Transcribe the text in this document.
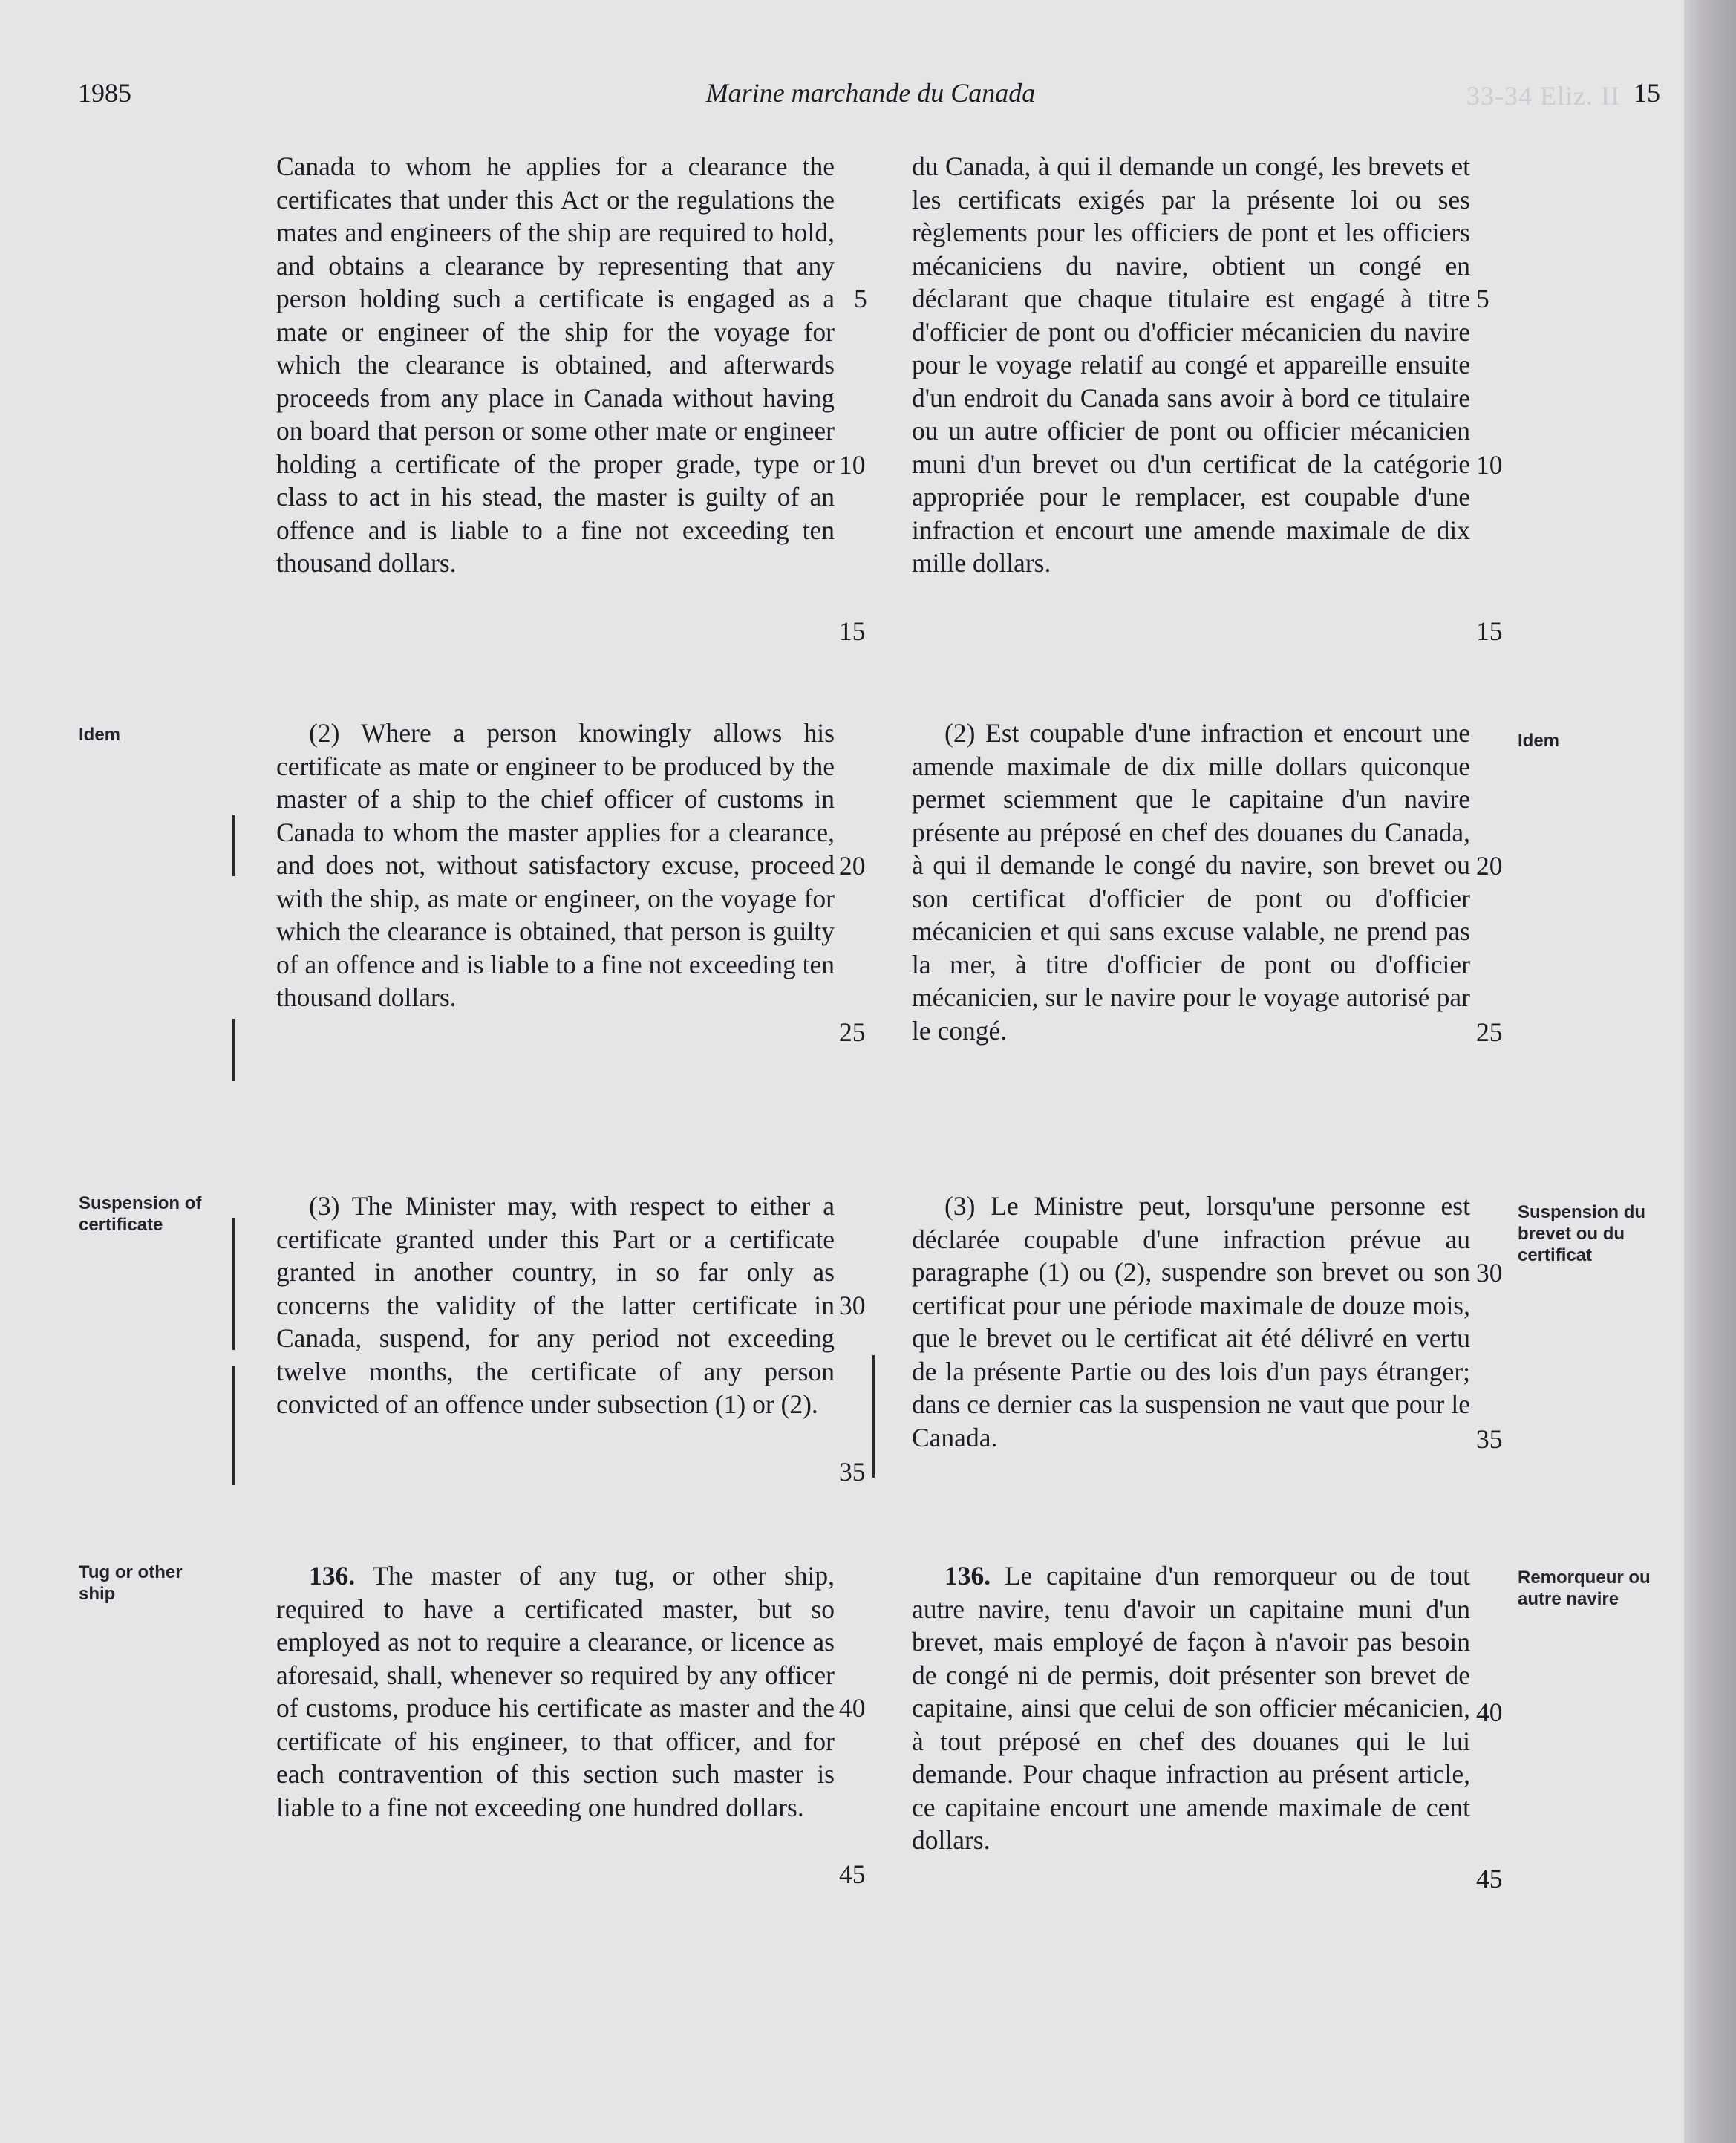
1985	Marine marchande du Canada	33-34 Eliz. II 15

Canada to whom he applies for a clearance the certificates that under this Act or the regulations the mates and engineers of the ship are required to hold, and obtains a clearance by representing that any person holding such a certificate is engaged as a mate or engineer of the ship for the voyage for which the clearance is obtained, and afterwards proceeds from any place in Canada without having on board that person or some other mate or engineer holding a certificate of the proper grade, type or class to act in his stead, the master is guilty of an offence and is liable to a fine not exceeding ten thousand dollars.

(2) Where a person knowingly allows his certificate as mate or engineer to be produced by the master of a ship to the chief officer of customs in Canada to whom the master applies for a clearance, and does not, without satisfactory excuse, proceed with the ship, as mate or engineer, on the voyage for which the clearance is obtained, that person is guilty of an offence and is liable to a fine not exceeding ten thousand dollars.

(3) The Minister may, with respect to either a certificate granted under this Part or a certificate granted in another country, in so far only as concerns the validity of the latter certificate in Canada, suspend, for any period not exceeding twelve months, the certificate of any person convicted of an offence under subsection (1) or (2).

136. The master of any tug, or other ship, required to have a certificated master, but so employed as not to require a clearance, or licence as aforesaid, shall, whenever so required by any officer of customs, produce his certificate as master and the certificate of his engineer, to that officer, and for each contravention of this section such master is liable to a fine not exceeding one hundred dollars.

du Canada, à qui il demande un congé, les brevets et les certificats exigés par la présente loi ou ses règlements pour les officiers de pont et les officiers mécaniciens du navire, obtient un congé en déclarant que chaque titulaire est engagé à titre d'officier de pont ou d'officier mécanicien du navire pour le voyage relatif au congé et appareille ensuite d'un endroit du Canada sans avoir à bord ce titulaire ou un autre officier de pont ou officier mécanicien muni d'un brevet ou d'un certificat de la catégorie appropriée pour le remplacer, est coupable d'une infraction et encourt une amende maximale de dix mille dollars.

(2) Est coupable d'une infraction et encourt une amende maximale de dix mille dollars quiconque permet sciemment que le capitaine d'un navire présente au préposé en chef des douanes du Canada, à qui il demande le congé du navire, son brevet ou son certificat d'officier de pont ou d'officier mécanicien et qui sans excuse valable, ne prend pas la mer, à titre d'officier de pont ou d'officier mécanicien, sur le navire pour le voyage autorisé par le congé.

(3) Le Ministre peut, lorsqu'une personne est déclarée coupable d'une infraction prévue au paragraphe (1) ou (2), suspendre son brevet ou son certificat pour une période maximale de douze mois, que le brevet ou le certificat ait été délivré en vertu de la présente Partie ou des lois d'un pays étranger; dans ce dernier cas la suspension ne vaut que pour le Canada.

136. Le capitaine d'un remorqueur ou de tout autre navire, tenu d'avoir un capitaine muni d'un brevet, mais employé de façon à n'avoir pas besoin de congé ni de permis, doit présenter son brevet de capitaine, ainsi que celui de son officier mécanicien, à tout préposé en chef des douanes qui le lui demande. Pour chaque infraction au présent article, ce capitaine encourt une amende maximale de cent dollars.

Idem
Suspension of certificate
Tug or other ship
Idem
Suspension du brevet ou du certificat
Remorqueur ou autre navire
5
10
15
20
25
30
35
40
45
5
10
15
20
25
30
35
40
45
